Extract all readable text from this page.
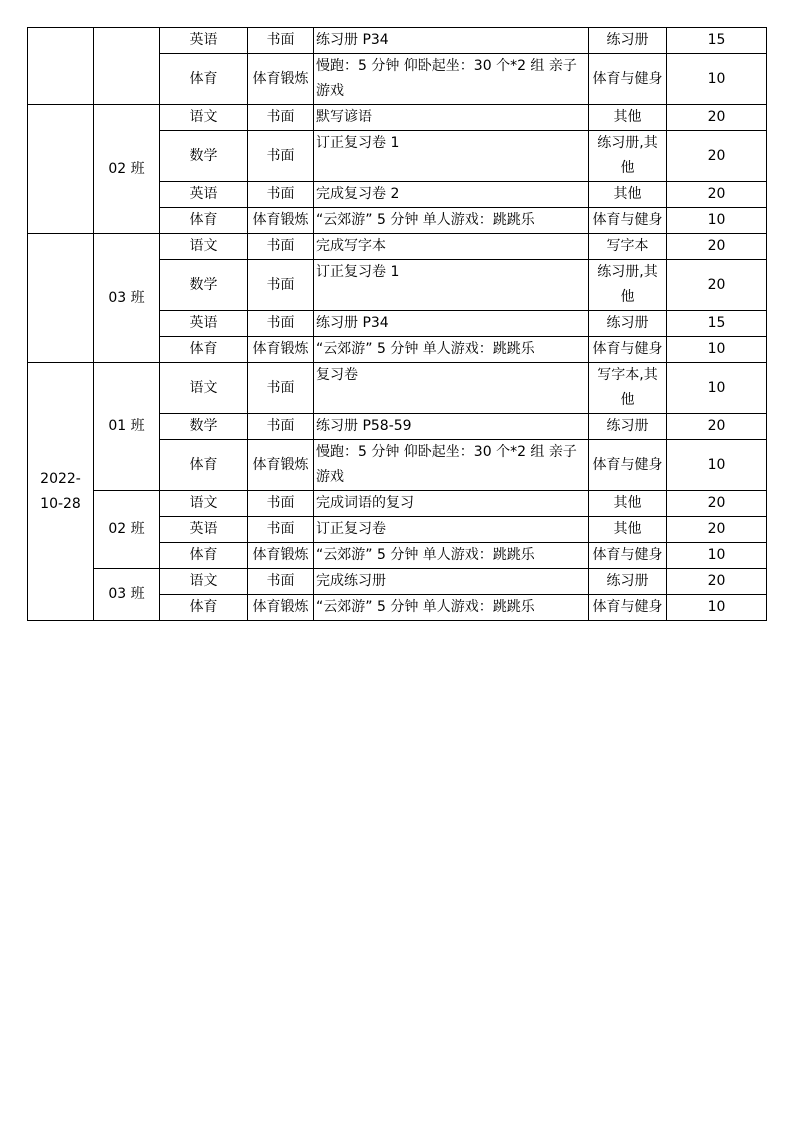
		英语	书面	练习册 P34	练习册	15
		体育	体育锻炼	慢跑：5 分钟 仰卧起坐：30 个*2 组 亲子游戏	体育与健身	10
	02 班	语文	书面	默写谚语	其他	20
		数学	书面	订正复习卷 1	练习册,其他	20
		英语	书面	完成复习卷 2	其他	20
		体育	体育锻炼	“云郊游” 5 分钟 单人游戏：跳跳乐	体育与健身	10
	03 班	语文	书面	完成写字本	写字本	20
		数学	书面	订正复习卷 1	练习册,其他	20
		英语	书面	练习册 P34	练习册	15
		体育	体育锻炼	“云郊游” 5 分钟 单人游戏：跳跳乐	体育与健身	10
2022-10-28	01 班	语文	书面	复习卷	写字本,其他	10
		数学	书面	练习册 P58-59	练习册	20
		体育	体育锻炼	慢跑：5 分钟 仰卧起坐：30 个*2 组 亲子游戏	体育与健身	10
	02 班	语文	书面	完成词语的复习	其他	20
		英语	书面	订正复习卷	其他	20
		体育	体育锻炼	“云郊游” 5 分钟 单人游戏：跳跳乐	体育与健身	10
	03 班	语文	书面	完成练习册	练习册	20
		体育	体育锻炼	“云郊游” 5 分钟 单人游戏：跳跳乐	体育与健身	10
